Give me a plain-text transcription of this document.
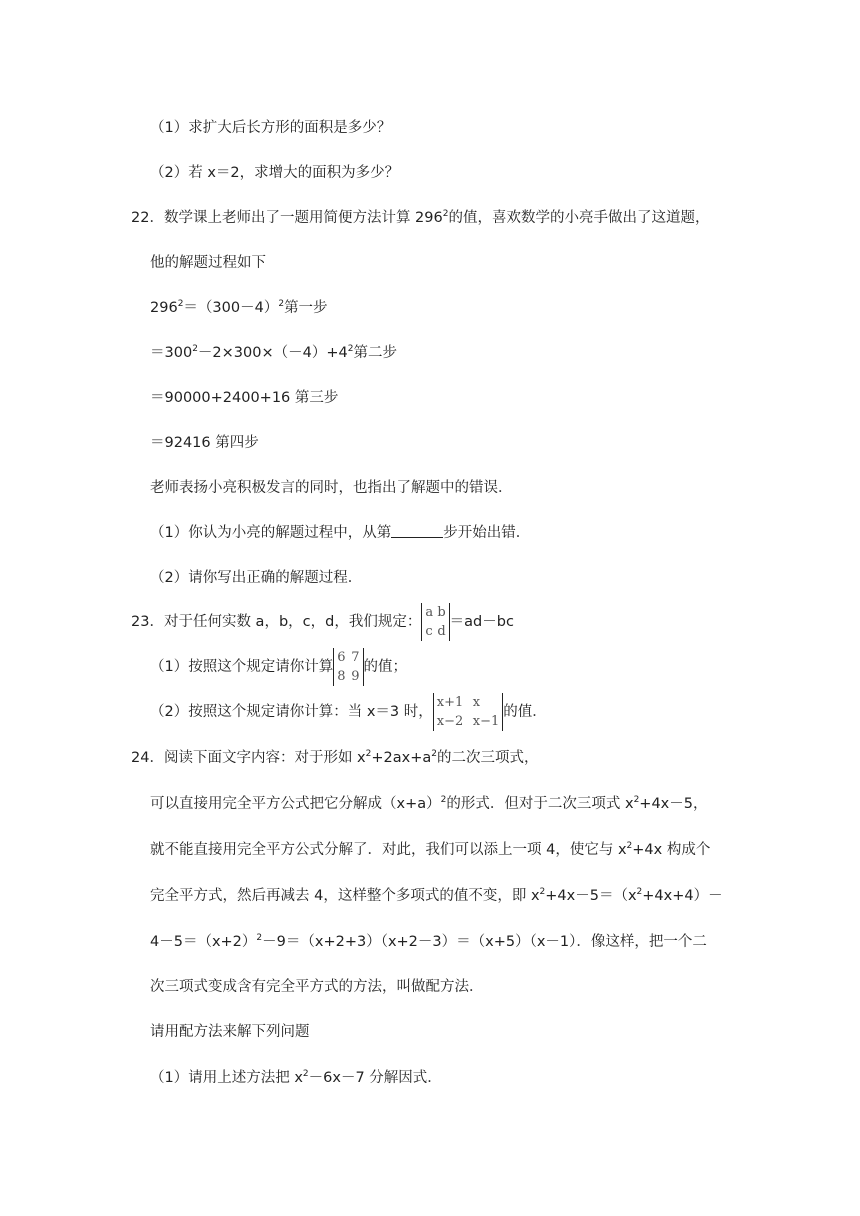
（1）求扩大后长方形的面积是多少？
（2）若 x＝2，求增大的面积为多少？
22．数学课上老师出了一题用简便方法计算 $296^2$的值，喜欢数学的小亮手做出了这道题，
他的解题过程如下
$296^2=(300-4)^2$第一步
$=300^2-2\times 300\times(-4)+4^2$第二步
＝90000+2400+16 第三步
＝92416 第四步
老师表扬小亮积极发言的同时，也指出了解题中的错误．
（1）你认为小亮的解题过程中，从第	步开始出错．
（2）请你写出正确的解题过程．
23．对于任何实数 a，b，c，d，我们规定：
a b
c d
＝ad－bc
（1）按照这个规定请你计算
6 7
8 9
的值；
（2）按照这个规定请你计算：当 x＝3 时，
x+1 x
x−2 x−1
的值．
24．阅读下面文字内容：对于形如 $x^2+2ax+a^2$的二次三项式，
可以直接用完全平方公式把它分解成$(x+a)^2$的形式．但对于二次三项式 $x^2+4x-5$，
就不能直接用完全平方公式分解了．对此，我们可以添上一项 4，使它与 $x^2+4x$ 构成个
完全平方式，然后再减去 4，这样整个多项式的值不变，即 $x^2+4x-5=(x^2+4x+4)-$
$4-5=(x+2)^2-9=(x+2+3)(x+2-3)=(x+5)(x-1)$．像这样，把一个二
次三项式变成含有完全平方式的方法，叫做配方法．
请用配方法来解下列问题
（1）请用上述方法把 $x^2-6x-7$ 分解因式．
